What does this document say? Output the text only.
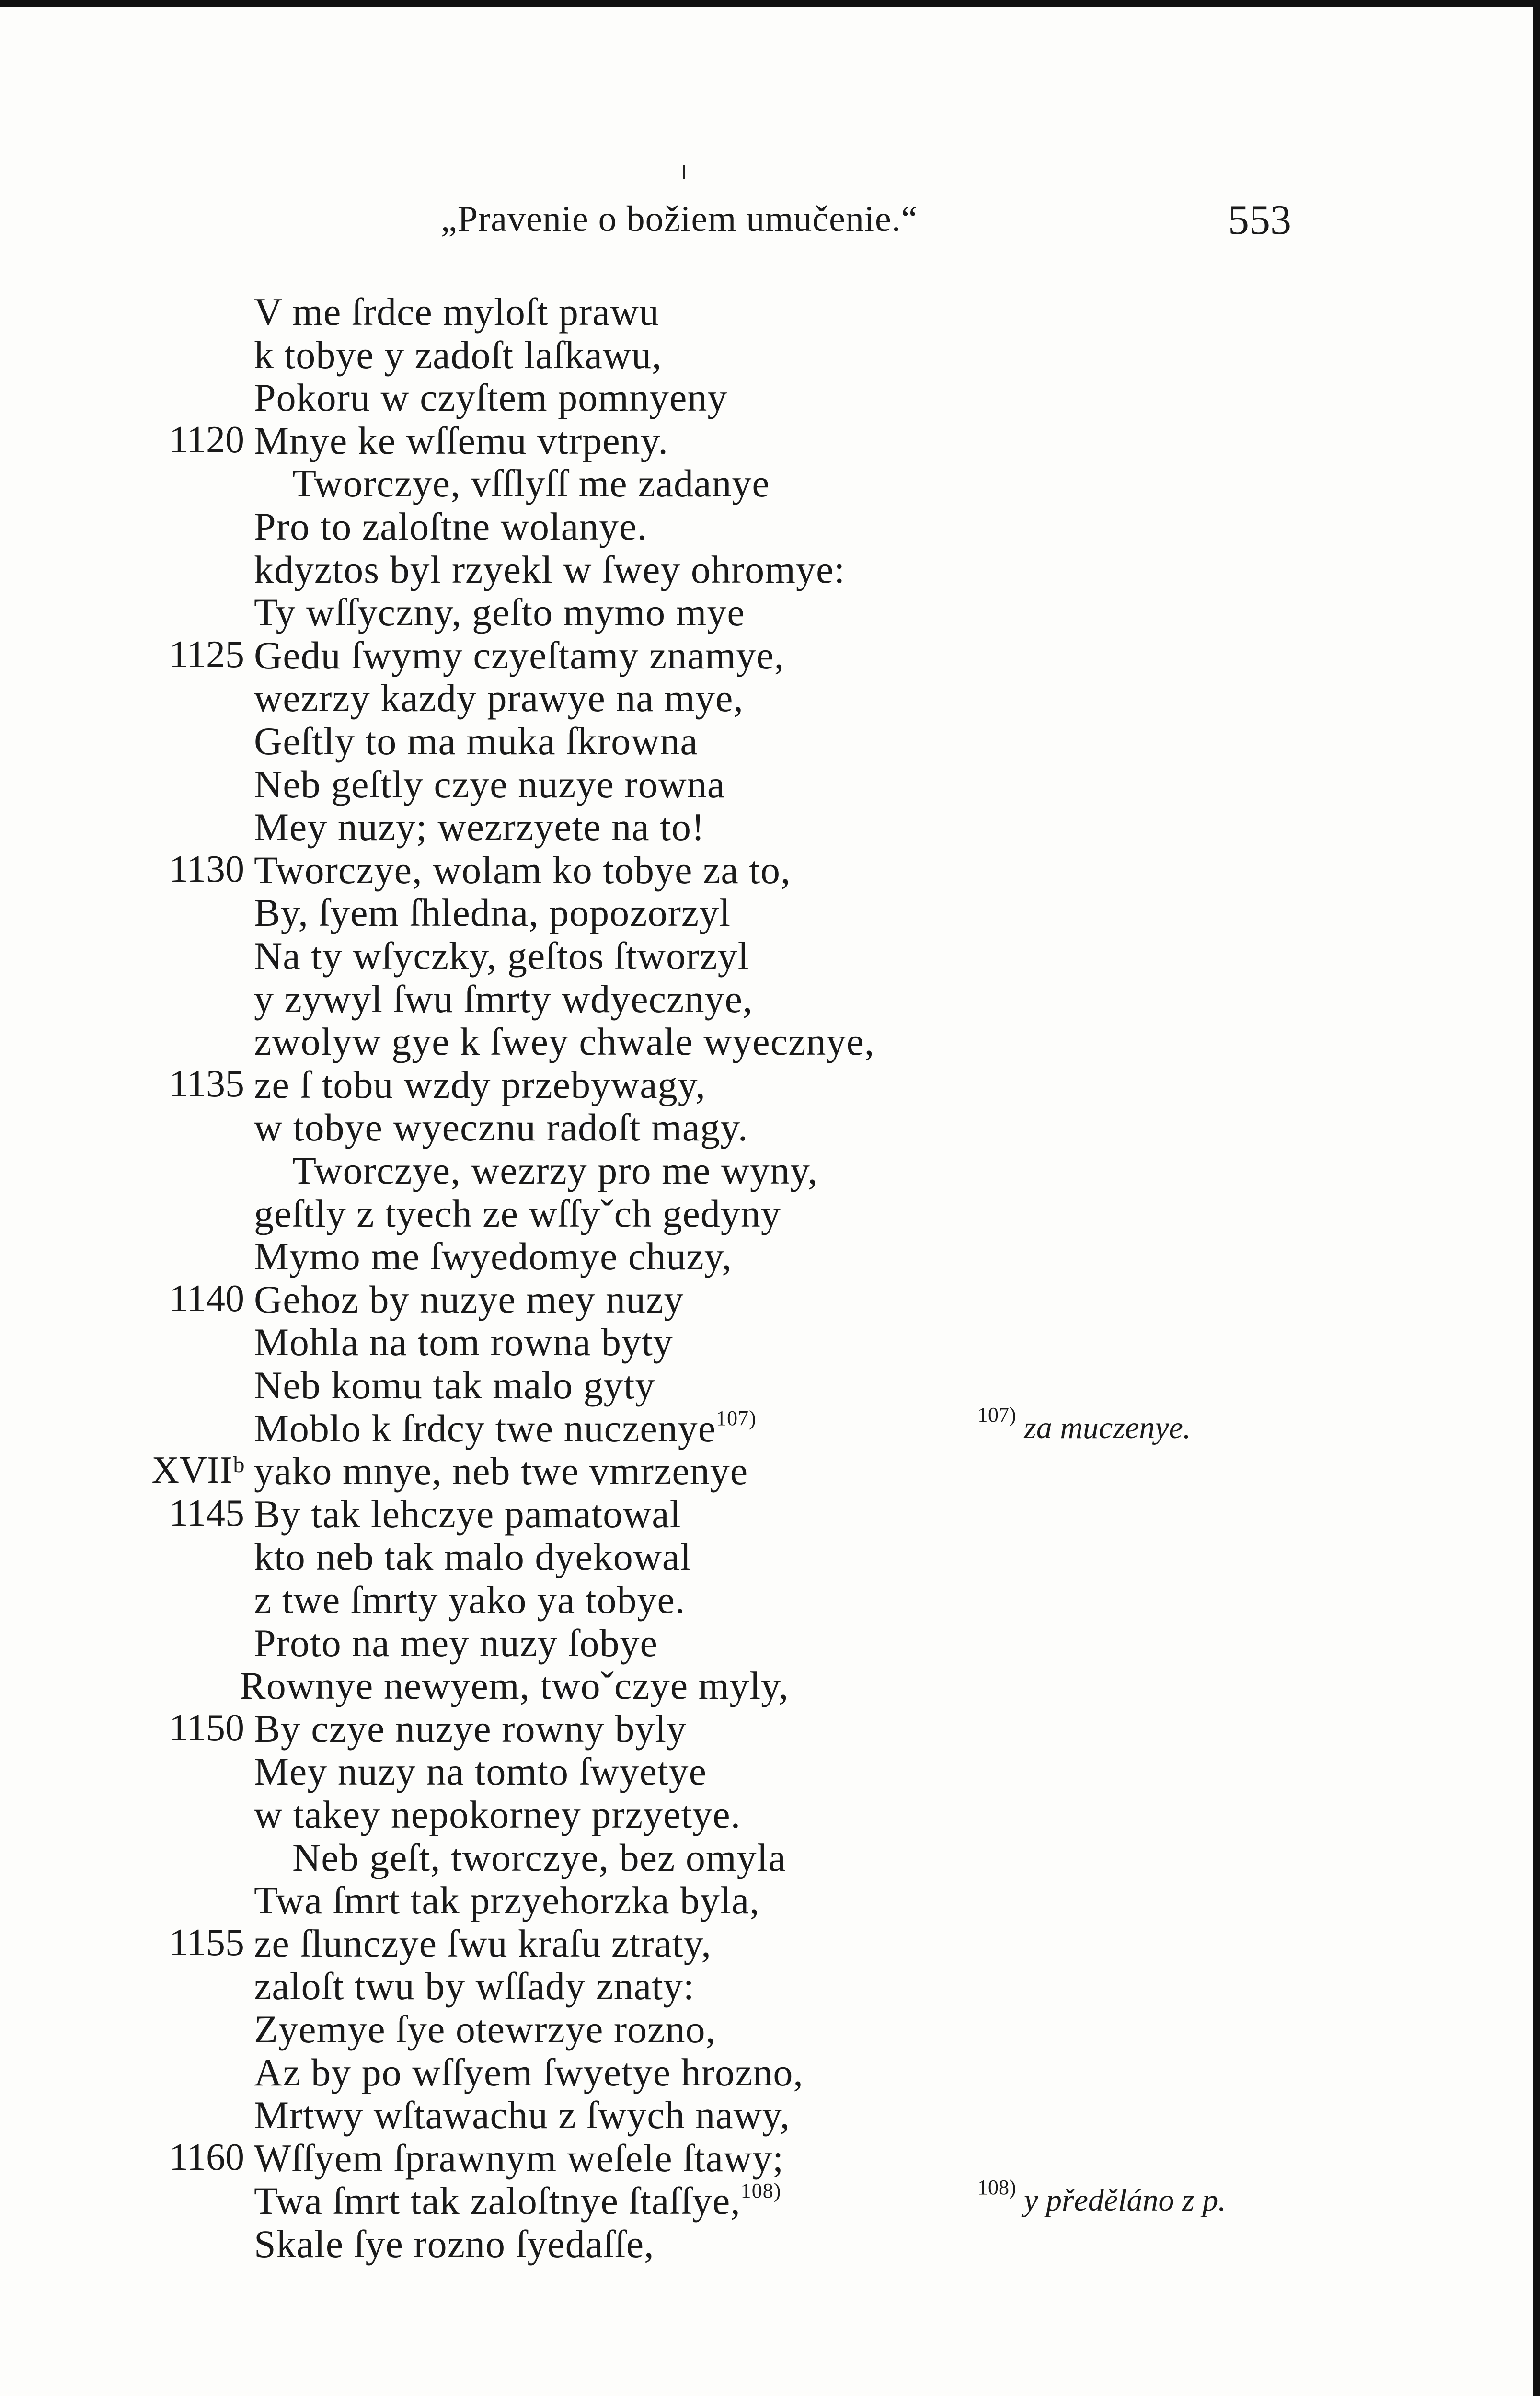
„Pravenie o božiem umučenie.“	553
V me ſrdce myloſt prawu
k tobye y zadoſt laſkawu,
Pokoru w czyſtem pomnyeny
1120 Mnye ke wſſemu vtrpeny.
Tworczye, vſſlyſſ me zadanye
Pro to zaloſtne wolanye.
kdyztos byl rzyekl w ſwey ohromye:
Ty wſſyczny, geſto mymo mye
1125 Gedu ſwymy czyeſtamy znamye,
wezrzy kazdy prawye na mye,
Geſtly to ma muka ſkrowna
Neb geſtly czye nuzye rowna
Mey nuzy; wezrzyete na to!
1130 Tworczye, wolam ko tobye za to,
By, ſyem ſhledna, popozorzyl
Na ty wſyczky, geſtos ſtworzyl
y zywyl ſwu ſmrty wdyecznye,
zwolyw gye k ſwey chwale wyecznye,
1135 ze ſ tobu wzdy przebywagy,
w tobye wyecznu radoſt magy.
Tworczye, wezrzy pro me wyny,
geſtly z tyech ze wſſyˇch gedyny
Mymo me ſwyedomye chuzy,
1140 Gehoz by nuzye mey nuzy
Mohla na tom rowna byty
Neb komu tak malo gyty
Moblo k ſrdcy twe nuczenye$^{107)}$
XVIIᵇ yako mnye, neb twe vmrzenye
1145 By tak lehczye pamatowal
kto neb tak malo dyekowal
z twe ſmrty yako ya tobye.
Proto na mey nuzy ſobye
Rownye newyem, twoˇczye myly,
1150 By czye nuzye rowny byly
Mey nuzy na tomto ſwyetye
w takey nepokorney przyetye.
Neb geſt, tworczye, bez omyla
Twa ſmrt tak przyehorzka byla,
1155 ze ſlunczye ſwu kraſu ztraty,
zaloſt twu by wſſady znaty:
Zyemye ſye otewrzye rozno,
Az by po wſſyem ſwyetye hrozno,
Mrtwy wſtawachu z ſwych nawy,
1160 Wſſyem ſprawnym weſele ſtawy;
Twa ſmrt tak zaloſtnye ſtaſſye,$^{108)}$
Skale ſye rozno ſyedaſſe,
$^{107)}$ za muczenye.
$^{108)}$ y předěláno z p.
